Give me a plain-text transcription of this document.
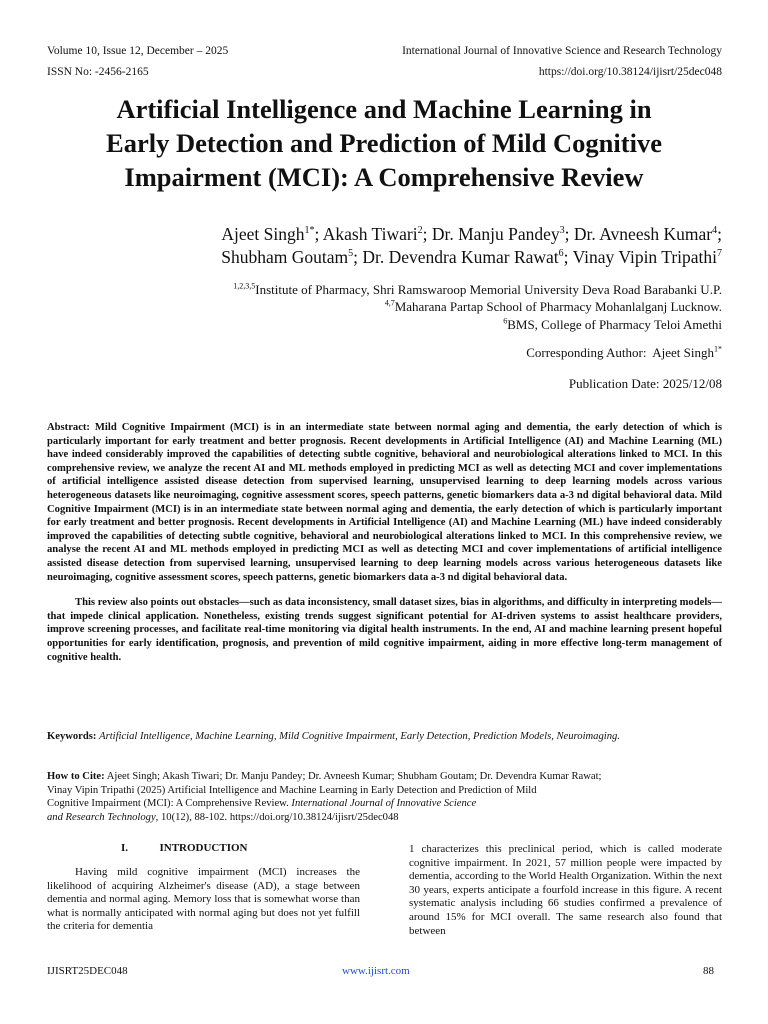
Volume 10, Issue 12, December – 2025	International Journal of Innovative Science and Research Technology
ISSN No: -2456-2165	https://doi.org/10.38124/ijisrt/25dec048
Artificial Intelligence and Machine Learning in
Early Detection and Prediction of Mild Cognitive
Impairment (MCI): A Comprehensive Review
Ajeet Singh$^{1*}$; Akash Tiwari$^2$; Dr. Manju Pandey$^3$; Dr. Avneesh Kumar$^4$;
Shubham Goutam$^5$; Dr. Devendra Kumar Rawat$^6$; Vinay Vipin Tripathi$^7$
$^{1,2,3,5}$Institute of Pharmacy, Shri Ramswaroop Memorial University Deva Road Barabanki U.P.
$^{4,7}$Maharana Partap School of Pharmacy Mohanlalganj Lucknow.
$^6$BMS, College of Pharmacy Teloi Amethi
Corresponding Author: Ajeet Singh$^{1*}$
Publication Date: 2025/12/08

Abstract: Mild Cognitive Impairment (MCI) is in an intermediate state between normal aging and dementia, the early detection of which is particularly important for early treatment and better prognosis. Recent developments in Artificial Intelligence (AI) and Machine Learning (ML) have indeed considerably improved the capabilities of detecting subtle cognitive, behavioral and neurobiological alterations linked to MCI. In this comprehensive review, we analyze the recent AI and ML methods employed in predicting MCI as well as detecting MCI and cover implementations of artificial intelligence assisted disease detection from supervised learning, unsupervised learning to deep learning models across various heterogeneous datasets like neuroimaging, cognitive assessment scores, speech patterns, genetic biomarkers data a-3 nd digital behavioral data. Mild Cognitive Impairment (MCI) is in an intermediate state between normal aging and dementia, the early detection of which is particularly important for early treatment and better prognosis. Recent developments in Artificial Intelligence (AI) and Machine Learning (ML) have indeed considerably improved the capabilities of detecting subtle cognitive, behavioral and neurobiological alterations linked to MCI. In this comprehensive review, we analyse the recent AI and ML methods employed in predicting MCI as well as detecting MCI and cover implementations of artificial intelligence assisted disease detection from supervised learning, unsupervised learning to deep learning models across various heterogeneous datasets like neuroimaging, cognitive assessment scores, speech patterns, genetic biomarkers data a-3 nd digital behavioral data.

This review also points out obstacles—such as data inconsistency, small dataset sizes, bias in algorithms, and difficulty in interpreting models—that impede clinical application. Nonetheless, existing trends suggest significant potential for AI-driven systems to assist healthcare providers, improve screening processes, and facilitate real-time monitoring via digital health instruments. In the end, AI and machine learning present hopeful opportunities for early identification, prognosis, and prevention of mild cognitive impairment, aiding in more effective long-term management of cognitive health.

Keywords: Artificial Intelligence, Machine Learning, Mild Cognitive Impairment, Early Detection, Prediction Models, Neuroimaging.
How to Cite: Ajeet Singh; Akash Tiwari; Dr. Manju Pandey; Dr. Avneesh Kumar; Shubham Goutam; Dr. Devendra Kumar Rawat;
Vinay Vipin Tripathi (2025) Artificial Intelligence and Machine Learning in Early Detection and Prediction of Mild
Cognitive Impairment (MCI): A Comprehensive Review. International Journal of Innovative Science
and Research Technology, 10(12), 88-102. https://doi.org/10.38124/ijisrt/25dec048
I.	INTRODUCTION
Having mild cognitive impairment (MCI) increases the likelihood of acquiring Alzheimer's disease (AD), a stage between dementia and normal aging. Memory loss that is somewhat worse than what is normally anticipated with normal aging but does not yet fulfill the criteria for dementia
1 characterizes this preclinical period, which is called moderate cognitive impairment. In 2021, 57 million people were impacted by dementia, according to the World Health Organization. Within the next 30 years, experts anticipate a fourfold increase in this figure. A recent systematic analysis including 66 studies confirmed a prevalence of around 15% for MCI overall. The same research also found that between
IJISRT25DEC048	www.ijisrt.com	88
